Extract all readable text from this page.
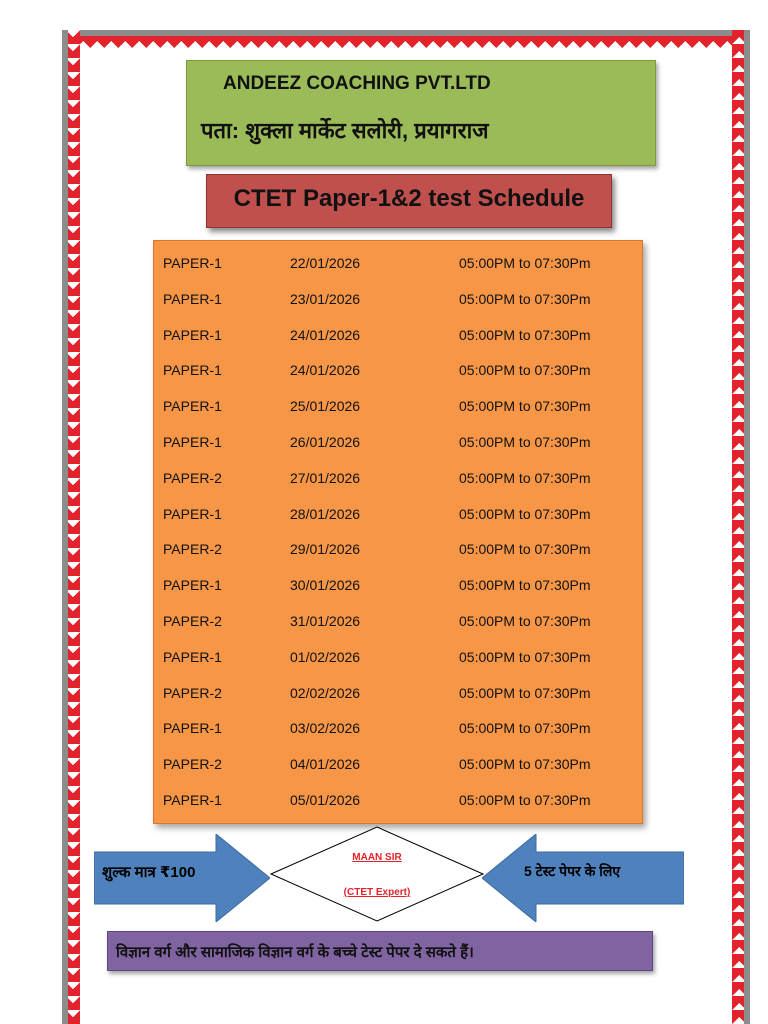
ANDEEZ COACHING PVT.LTD
पता: शुक्ला मार्केट सलोरी, प्रयागराज
CTET Paper-1&2 test Schedule
PAPER-1	22/01/2026	05:00PM to 07:30Pm
PAPER-1	23/01/2026	05:00PM to 07:30Pm
PAPER-1	24/01/2026	05:00PM to 07:30Pm
PAPER-1	24/01/2026	05:00PM to 07:30Pm
PAPER-1	25/01/2026	05:00PM to 07:30Pm
PAPER-1	26/01/2026	05:00PM to 07:30Pm
PAPER-2	27/01/2026	05:00PM to 07:30Pm
PAPER-1	28/01/2026	05:00PM to 07:30Pm
PAPER-2	29/01/2026	05:00PM to 07:30Pm
PAPER-1	30/01/2026	05:00PM to 07:30Pm
PAPER-2	31/01/2026	05:00PM to 07:30Pm
PAPER-1	01/02/2026	05:00PM to 07:30Pm
PAPER-2	02/02/2026	05:00PM to 07:30Pm
PAPER-1	03/02/2026	05:00PM to 07:30Pm
PAPER-2	04/01/2026	05:00PM to 07:30Pm
PAPER-1	05/01/2026	05:00PM to 07:30Pm
शुल्क मात्र ₹100
MAAN SIR
(CTET Expert)
5 टेस्ट पेपर के लिए
विज्ञान वर्ग और सामाजिक विज्ञान वर्ग के बच्चे टेस्ट पेपर दे सकते हैं।
